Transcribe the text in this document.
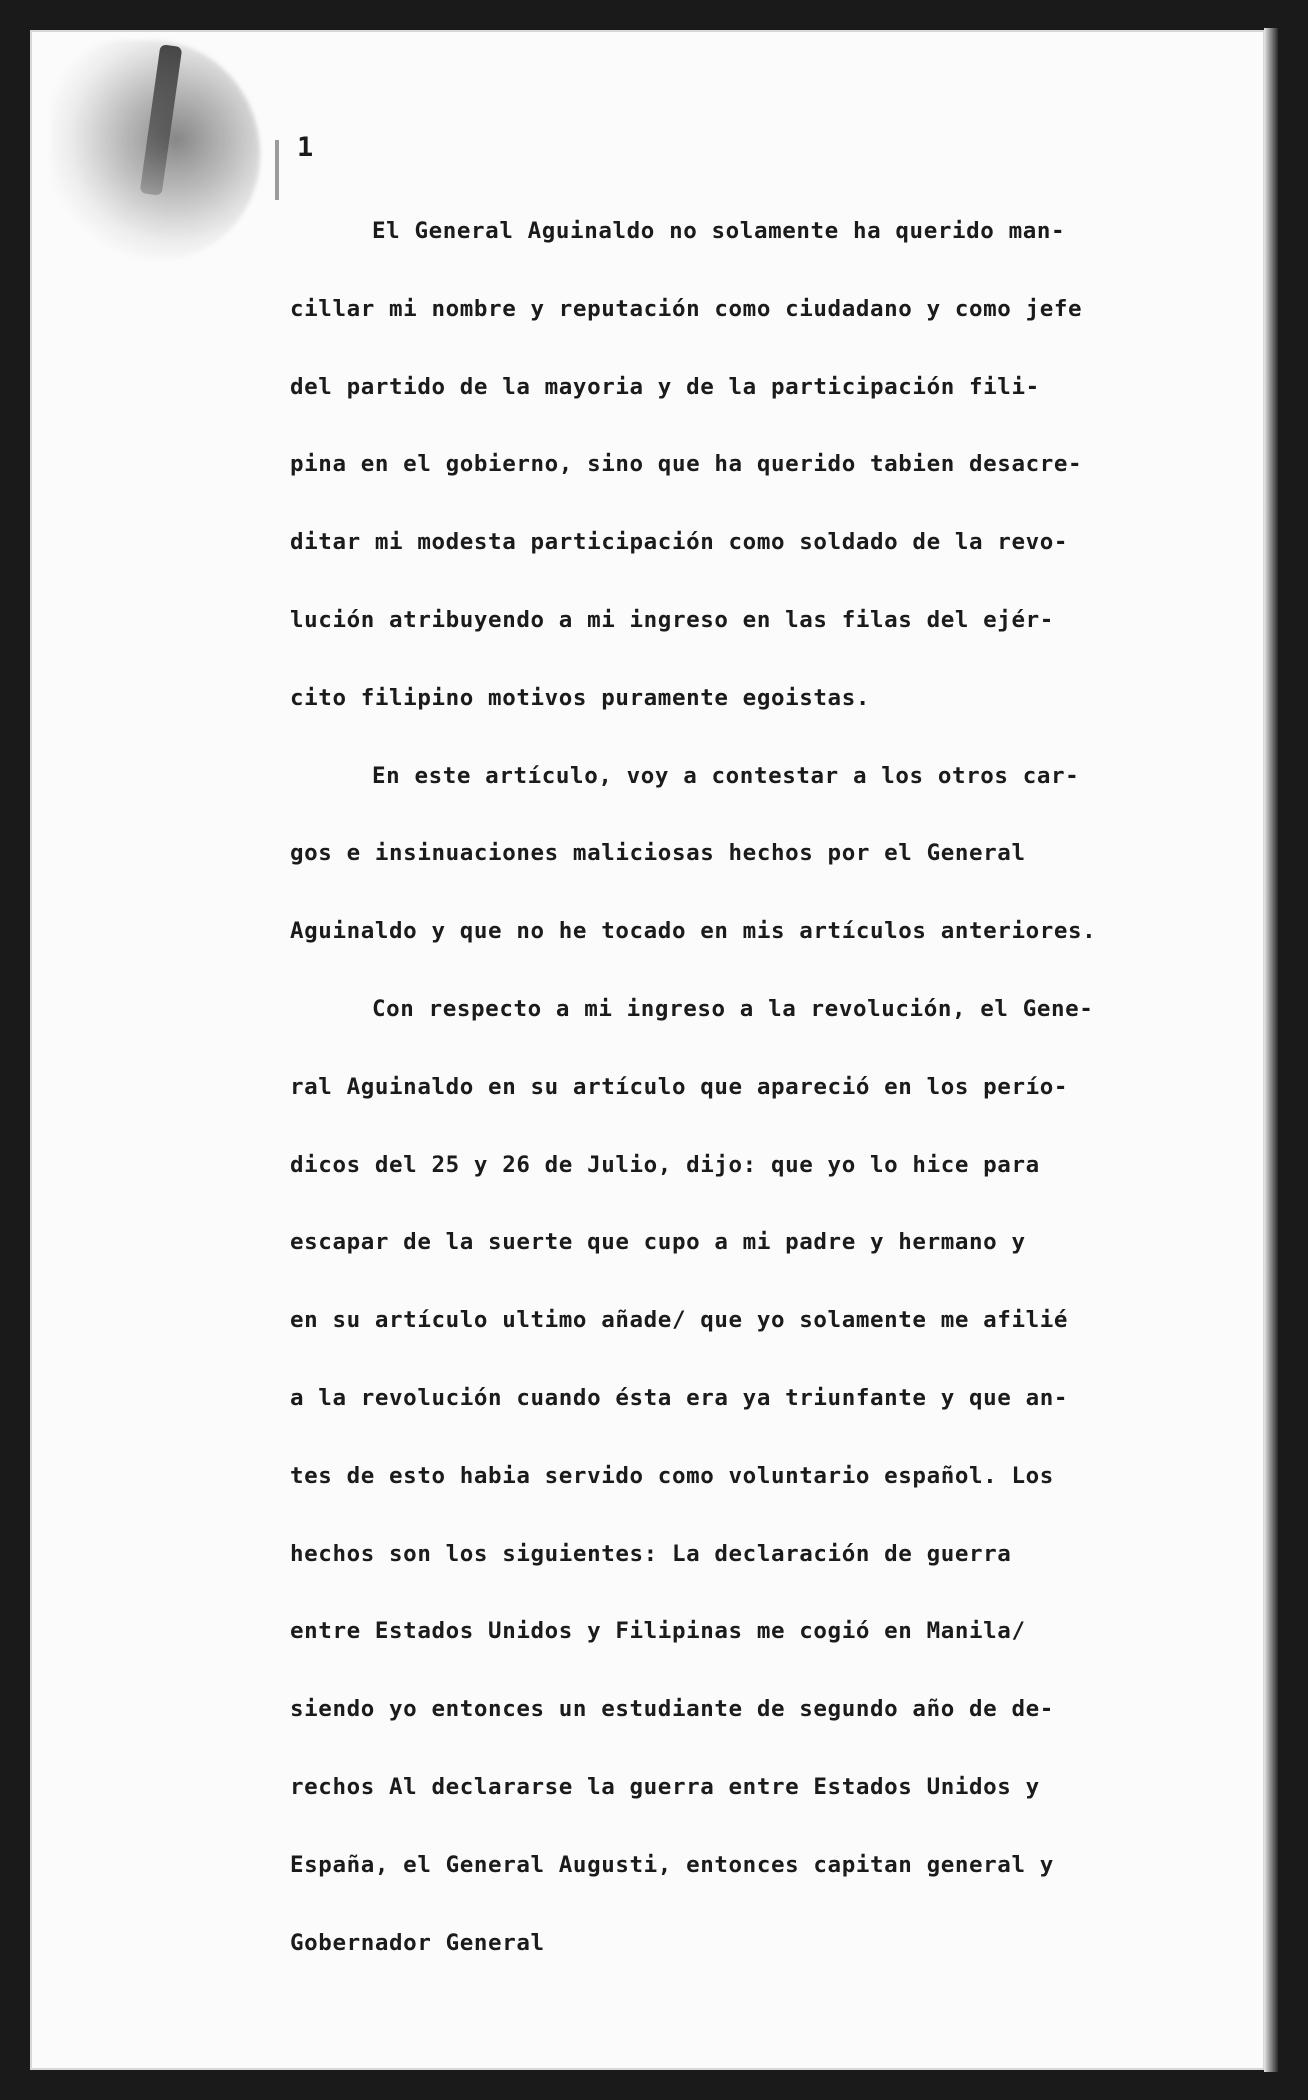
1
El General Aguinaldo no solamente ha querido man-
cillar mi nombre y reputación como ciudadano y como jefe
del partido de la mayoria y de la participación fili-
pina en el gobierno, sino que ha querido tabien desacre-
ditar mi modesta participación como soldado de la revo-
lución atribuyendo a mi ingreso en las filas del ejér-
cito filipino motivos puramente egoistas.
En este artículo, voy a contestar a los otros car-
gos e insinuaciones maliciosas hechos por el General
Aguinaldo y que no he tocado en mis artículos anteriores.
Con respecto a mi ingreso a la revolución, el Gene-
ral Aguinaldo en su artículo que apareció en los perío-
dicos del 25 y 26 de Julio, dijo: que yo lo hice para
escapar de la suerte que cupo a mi padre y hermano y
en su artículo ultimo añade/ que yo solamente me afilié
a la revolución cuando ésta era ya triunfante y que an-
tes de esto habia servido como voluntario español. Los
hechos son los siguientes: La declaración de guerra
entre Estados Unidos y Filipinas me cogió en Manila/
siendo yo entonces un estudiante de segundo año de de-
rechos Al declararse la guerra entre Estados Unidos y
España, el General Augusti, entonces capitan general y
Gobernador General
